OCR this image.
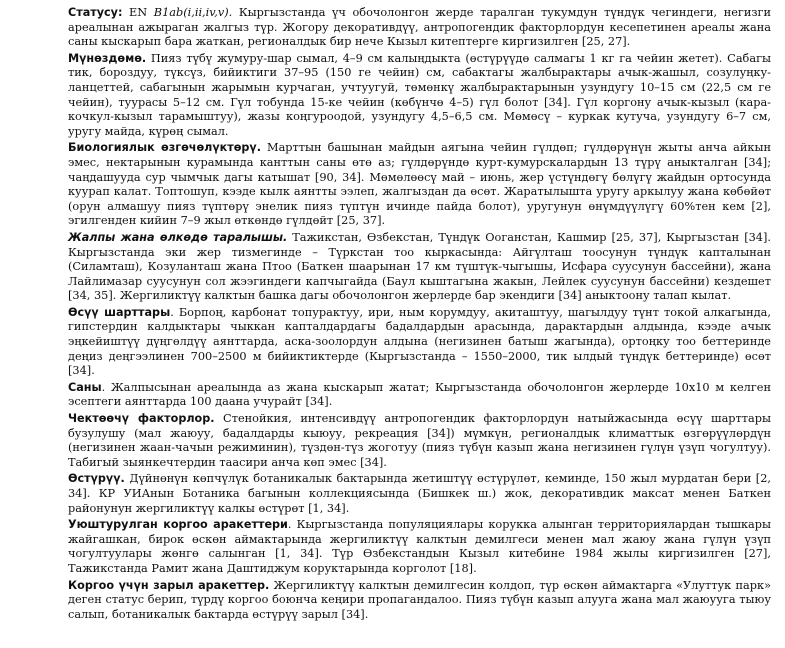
Статусу: EN B1ab(i,ii,iv,v). Кыргызстанда үч обочолонгон жерде таралган тукумдун түндүк чегиндеги, негизги ареалынан ажыраган жалгыз түр. Жогору декоративдүү, антропогендик факторлордун кесепетинен ареалы жана саны кыскарып бара жаткан, регионалдык бир нече Кызыл китептерге киргизилген [25, 27].

Мүнөздөмө. Пияз түбү жумуру-шар сымал, 4–9 см калыңдыкта (өстүрүүдө салмагы 1 кг га чейин жетет). Сабагы тик, бороздуу, түксүз, бийиктиги 37–95 (150 ге чейин) см, сабактагы жалбырактары ачык-жашыл, созулуңку-ланцеттей, сабагынын жарымын курчаган, учтуугуй, төмөнкү жалбырактарынын узундугу 10–15 см (22,5 см ге чейин), туурасы 5–12 см. Гүл тобунда 15-ке чейин (көбүнчө 4–5) гүл болот [34]. Гүл коргону ачык-кызыл (кара-кочкул-кызыл тарамыштуу), жазы коңгуроодой, узундугу 4,5–6,5 см. Мөмөсү – куркак кутуча, узундугу 6–7 см, уругу майда, күрөң сымал.

Биологиялык өзгөчөлүктөрү. Марттын башынан майдын аягына чейин гүлдөп; гүлдөрүнүн жыты анча айкын эмес, нектарынын курамында канттын саны өтө аз; гүлдөрүндө курт-кумурскалардын 13 түрү аныкталган [34]; чаңдашууда сур чымчык дагы катышат [90, 34]. Мөмөлөөсү май – июнь, жер үстүндөгү бөлүгү жайдын ортосунда куурап калат. Топтошуп, кээде кылк аянтты ээлеп, жалгыздан да өсөт. Жаратылышта уругу аркылуу жана көбөйөт (орун алмашуу пияз түптөрү энелик пияз түптүн ичинде пайда болот), уругунун өнүмдүүлүгү 60%тен кем [2], эгилгенден кийин 7–9 жыл өткөндө гүлдөйт [25, 37].

Жалпы жана өлкөдө таралышы. Тажикстан, Өзбекстан, Түндүк Ооганстан, Кашмир [25, 37], Кыргызстан [34]. Кыргызстанда эки жер тизмегинде – Түркстан тоо кыркасында: Айгүлташ тоосунун түндүк капталынан (Силамташ), Козуланташ жана Птоо (Баткен шаарынан 17 км түштүк-чыгышы, Исфара суусунун бассейни), жана Лайлимазар суусунун сол жээгиндеги капчыгайда (Баул кыштагына жакын, Лейлек суусунун бассейни) кездешет [34, 35]. Жергиликтүү калктын башка дагы обочолонгон жерлерде бар экендиги [34] аныктоону талап кылат.

Өсүү шарттары. Борпоң, карбонат топурактуу, ири, ным корумдуу, акиташтуу, шагылдуу түнт токой алкагында, гипстердин калдыктары чыккан капталдардагы бадалдардын арасында, дарактардын алдында, кээде ачык эңкейиштүү дүңгөлдүү аянттарда, аска-зоолордун алдына (негизинен батыш жагында), ортоңку тоо беттеринде деңиз деңгээлинен 700–2500 м бийиктиктерде (Кыргызстанда – 1550–2000, тик ылдый түндүк беттеринде) өсөт [34].

Саны. Жалпысынан ареалында аз жана кыскарып жатат; Кыргызстанда обочолонгон жерлерде 10x10 м келген эсептеги аянттарда 100 даана учурайт [34].

Чектөөчү факторлор. Стенойкия, интенсивдүү антропогендик факторлордун натыйжасында өсүү шарттары бузулушу (мал жаюуу, бадалдарды кыюуу, рекреация [34]) мүмкүн, регионалдык климаттык өзгөрүүлөрдүн (негизинен жаан-чачын режиминин), түздөн-түз жоготуу (пияз түбүн казып жана негизинен гүлүн үзүп чогултуу). Табигый зыянкечтердин таасири анча көп эмес [34].

Өстүрүү. Дүйнөнүн көпчүлүк ботаникалык бактарында жетиштүү өстүрүлөт, кеминде, 150 жыл мурдатан бери [2, 34]. КР УИАнын Ботаника багынын коллекциясында (Бишкек ш.) жок, декоративдик максат менен Баткен районунун жергиликтүү калкы өстүрөт [1, 34].

Уюштурулган коргоо аракеттери. Кыргызстанда популяциялары корукка алынган территориялардан тышкары жайгашкан, бирок өскөн аймактарында жергиликтүү калктын демилгеси менен мал жаюу жана гүлүн үзүп чогултуулары жөнгө салынган [1, 34]. Түр Өзбекстандын Кызыл китебине 1984 жылы киргизилген [27], Тажикстанда Рамит жана Даштиджум коруктарында корголот [18].

Коргоо үчүн зарыл аракеттер. Жергиликтүү калктын демилгесин колдоп, түр өскөн аймактарга «Улуттук парк» деген статус берип, түрдү коргоо боюнча кеңири пропагандалоо. Пияз түбүн казып алууга жана мал жаюууга тыюу салып, ботаникалык бактарда өстүрүү зарыл [34].
